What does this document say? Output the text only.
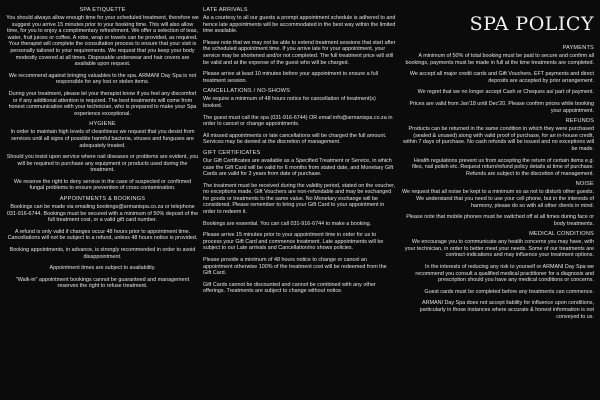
SPA ETIQUETTE
You should always allow enough time for your scheduled treatment, therefore we suggest you arrive 15 minutes prior to your booking time. This will also allow time, for you to enjoy a complimentary refreshment. We offer a selection of teas, water, fruit juices or coffee. A robe, wrap or towels can be provided, as required. Your therapist will complete the consultation process to ensure that your visit is personally tailored to your requirements. We request that you keep your body modestly covered at all times. Disposable underwear and hair covers are available upon request.
We recommend against bringing valuables to the spa. ARMANI Day Spa is not responsible for any lost or stolen items.
During your treatment, please let your therapist know if you feel any discomfort or if any additional attention is required. The best treatments will come from honest communication with your technician, who is prepared to make your Spa experience exceptional.
HYGIENE
In order to maintain high levels of cleanliness we request that you desist from services until all signs of possible harmful bacteria, viruses and funguses are adequately treated.
Should you insist upon service where nail diseases or problems are evident, you will be required to purchase any equipment or products used during the treatment.
We reserve the right to deny service in the case of suspected or confirmed fungal problems to ensure prevention of cross contamination.
APPOINTMENTS & BOOKINGS
Bookings can be made via emailing bookings@armanispa.co.za or telephone 031-916-6744. Bookings must be secured with a minimum of 50% deposit of the full treatment cost, or a valid gift card number.
A refund is only valid if changes occur 48 hours prior to appointment time. Cancellations will not be subject to a refund, unless 48 hours notice is provided.
Booking appointments, in advance, is strongly recommended in order to avoid disappointment.
Appointment times are subject to availability.
"Walk-in" appointment bookings cannot be guaranteed and management reserves the right to refuse treatment.
LATE ARRIVALS
As a courtesy to all our guests a prompt appointment schedule is adhered to and hence late appointments will be accommodated in the best way within the limited time available.
Please note that we may not be able to extend treatment sessions that start after the scheduled appointment time. If you arrive late for your appointment, your service may be shortened and/or not completed. The full treatment price will still be valid and at the expense of the guest who will be charged.
Please arrive at least 10 minutes before your appointment to ensure a full treatment session.
CANCELLATIONS / NO-SHOWS
We require a minimum of 48 hours notice for cancellation of treatment(s) booked.
The guest must call the spa (031-916-6744) OR email info@armanispa.co.za in order to cancel or change appointments.
All missed appointments or late cancellations will be charged the full amount. Services may be denied at the discretion of management.
GIFT CERTIFICATES
Our Gift Certificates are available as a Specified Treatment or Service, in which case the Gift Card will be valid for 6 months from stated date, and Monetary Gift Cards are valid for 3 years from date of purchase.
The treatment must be received during the validity period, stated on the voucher, no exceptions made. Gift Vouchers are non-refundable and may be exchanged for goods or treatments to the same value. No Monetary exchange will be considered. Please remember to bring your Gift Card to your appointment in order to redeem it.
Bookings are essential. You can call 031-916-6744 to make a booking.
Please arrive 15 minutes prior to your appointment time in order for us to process your Gift Card and commence treatment. Late appointments will be subject to our Late arrivals and Cancellation/no shows policies.
Please provide a minimum of 48 hours notice to change or cancel an appointment otherwise 100% of the treatment cost will be redeemed from the Gift Card.
Gift Cards cannot be discounted and cannot be combined with any other offerings. Treatments are subject to change without notice.
SPA POLICY
PAYMENTS
A minimum of 50% of total booking must be paid to secure and confirm all bookings, payments must be made in full at the time treatments are completed.
We accept all major credit cards and Gift Vouchers. EFT payments and direct deposits are accepted by prior arrangement.
We regret that we no longer accept Cash or Cheques as/ part of payment.
Prices are valid from Jan'18 until Dec'20. Please confirm prices while booking your appointment.
REFUNDS
Products can be returned in the same condition in which they were purchased (sealed & unused) along with valid proof of purchase, for an in-house credit, within 7 days of purchase. No cash refunds will be issued and no exceptions will be made.
Health regulations prevent us from accepting the return of certain items e.g. files, nail polish etc. Request return/refund policy details at time of purchase. Refunds are subject to the discretion of management.
NOISE
We request that all noise be kept to a minimum so as not to disturb other guests. We understand that you need to use your cell phone, but in the interests of harmony, please do so with all other clients in mind.
Please note that mobile phones must be switched off at all times during face or body treatments.
MEDICAL CONDITIONS
We encourage you to communicate any health concerns you may have, with your technician, in order to better meet your needs. Some of our treatments are contract-indications and may influence your treatment options.
In the interests of reducing any risk to yourself or ARMANI Day Spa we recommend you consult a qualified medical practitioner for a diagnosis and prescription should you have any medical conditions or concerns.
Guest cards must be completed before any treatments can commence.
ARMANI Day Spa does not accept liability for influence upon conditions, particularly in those instances where accurate & honest information is not conveyed to us.
